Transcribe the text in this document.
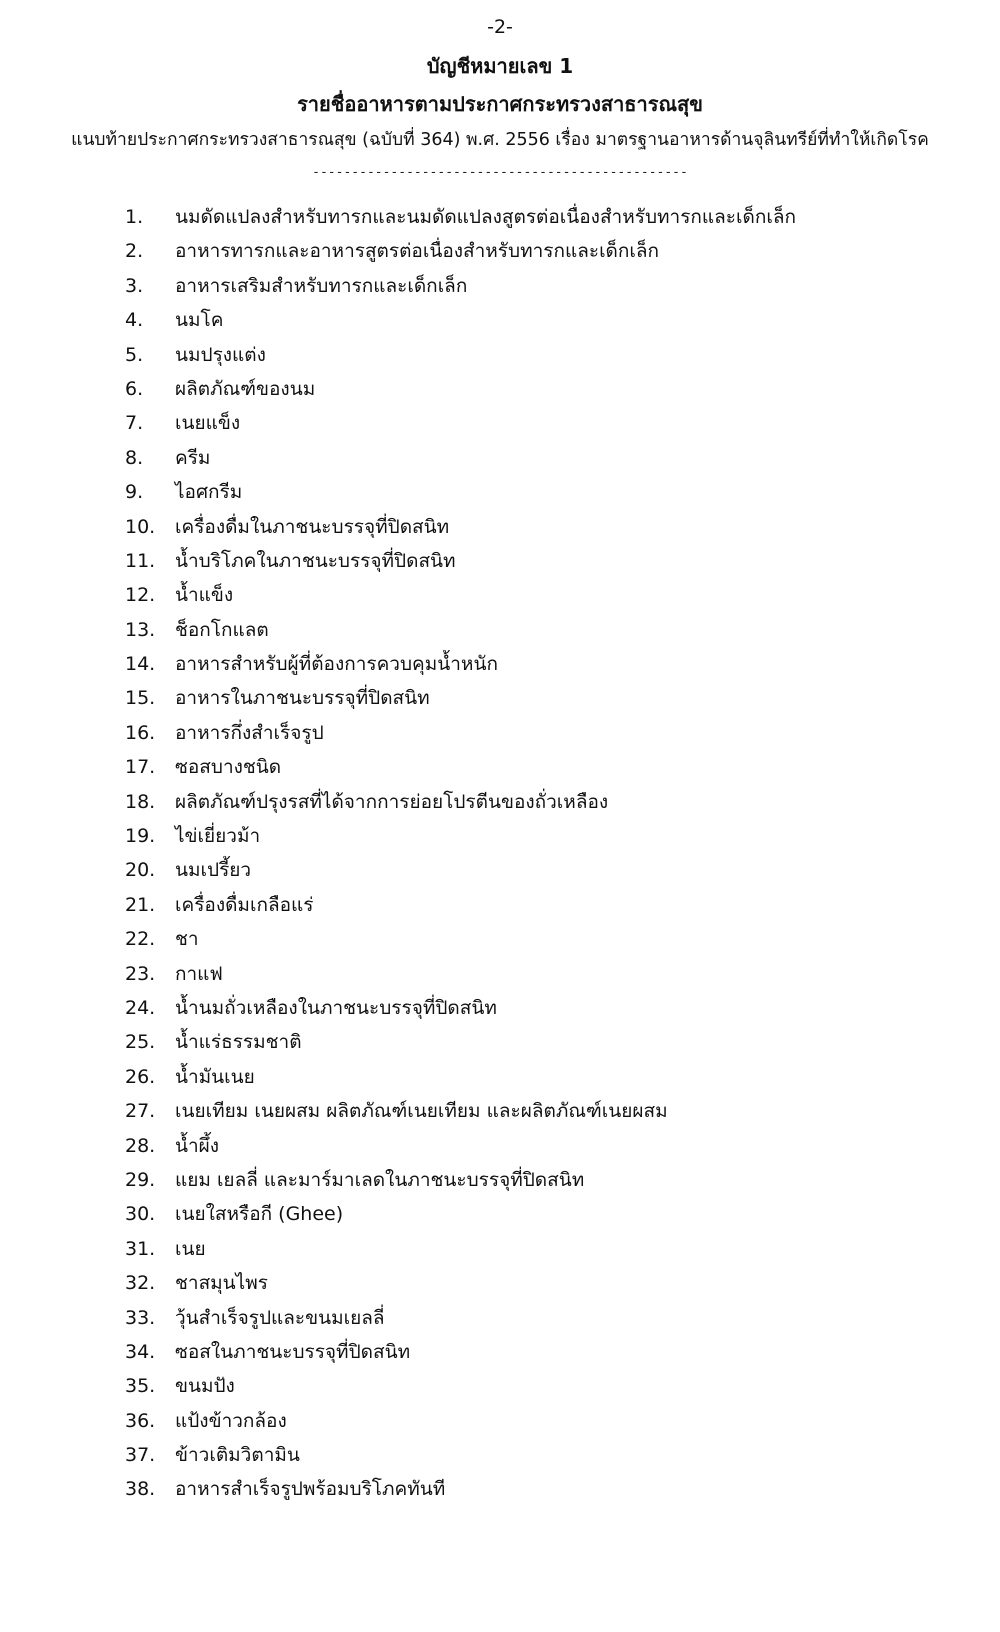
-2-
บัญชีหมายเลข 1
รายชื่ออาหารตามประกาศกระทรวงสาธารณสุข
แนบท้ายประกาศกระทรวงสาธารณสุข (ฉบับที่ 364) พ.ศ. 2556 เรื่อง มาตรฐานอาหารด้านจุลินทรีย์ที่ทำให้เกิดโรค
------------------------------------------------
1.	นมดัดแปลงสำหรับทารกและนมดัดแปลงสูตรต่อเนื่องสำหรับทารกและเด็กเล็ก
2.	อาหารทารกและอาหารสูตรต่อเนื่องสำหรับทารกและเด็กเล็ก
3.	อาหารเสริมสำหรับทารกและเด็กเล็ก
4.	นมโค
5.	นมปรุงแต่ง
6.	ผลิตภัณฑ์ของนม
7.	เนยแข็ง
8.	ครีม
9.	ไอศกรีม
10.	เครื่องดื่มในภาชนะบรรจุที่ปิดสนิท
11.	น้ำบริโภคในภาชนะบรรจุที่ปิดสนิท
12.	น้ำแข็ง
13.	ช็อกโกแลต
14.	อาหารสำหรับผู้ที่ต้องการควบคุมน้ำหนัก
15.	อาหารในภาชนะบรรจุที่ปิดสนิท
16.	อาหารกึ่งสำเร็จรูป
17.	ซอสบางชนิด
18.	ผลิตภัณฑ์ปรุงรสที่ได้จากการย่อยโปรตีนของถั่วเหลือง
19.	ไข่เยี่ยวม้า
20.	นมเปรี้ยว
21.	เครื่องดื่มเกลือแร่
22.	ชา
23.	กาแฟ
24.	น้ำนมถั่วเหลืองในภาชนะบรรจุที่ปิดสนิท
25.	น้ำแร่ธรรมชาติ
26.	น้ำมันเนย
27.	เนยเทียม เนยผสม ผลิตภัณฑ์เนยเทียม และผลิตภัณฑ์เนยผสม
28.	น้ำผึ้ง
29.	แยม เยลลี่ และมาร์มาเลดในภาชนะบรรจุที่ปิดสนิท
30.	เนยใสหรือกี (Ghee)
31.	เนย
32.	ชาสมุนไพร
33.	วุ้นสำเร็จรูปและขนมเยลลี่
34.	ซอสในภาชนะบรรจุที่ปิดสนิท
35.	ขนมปัง
36.	แป้งข้าวกล้อง
37.	ข้าวเติมวิตามิน
38.	อาหารสำเร็จรูปพร้อมบริโภคทันที
